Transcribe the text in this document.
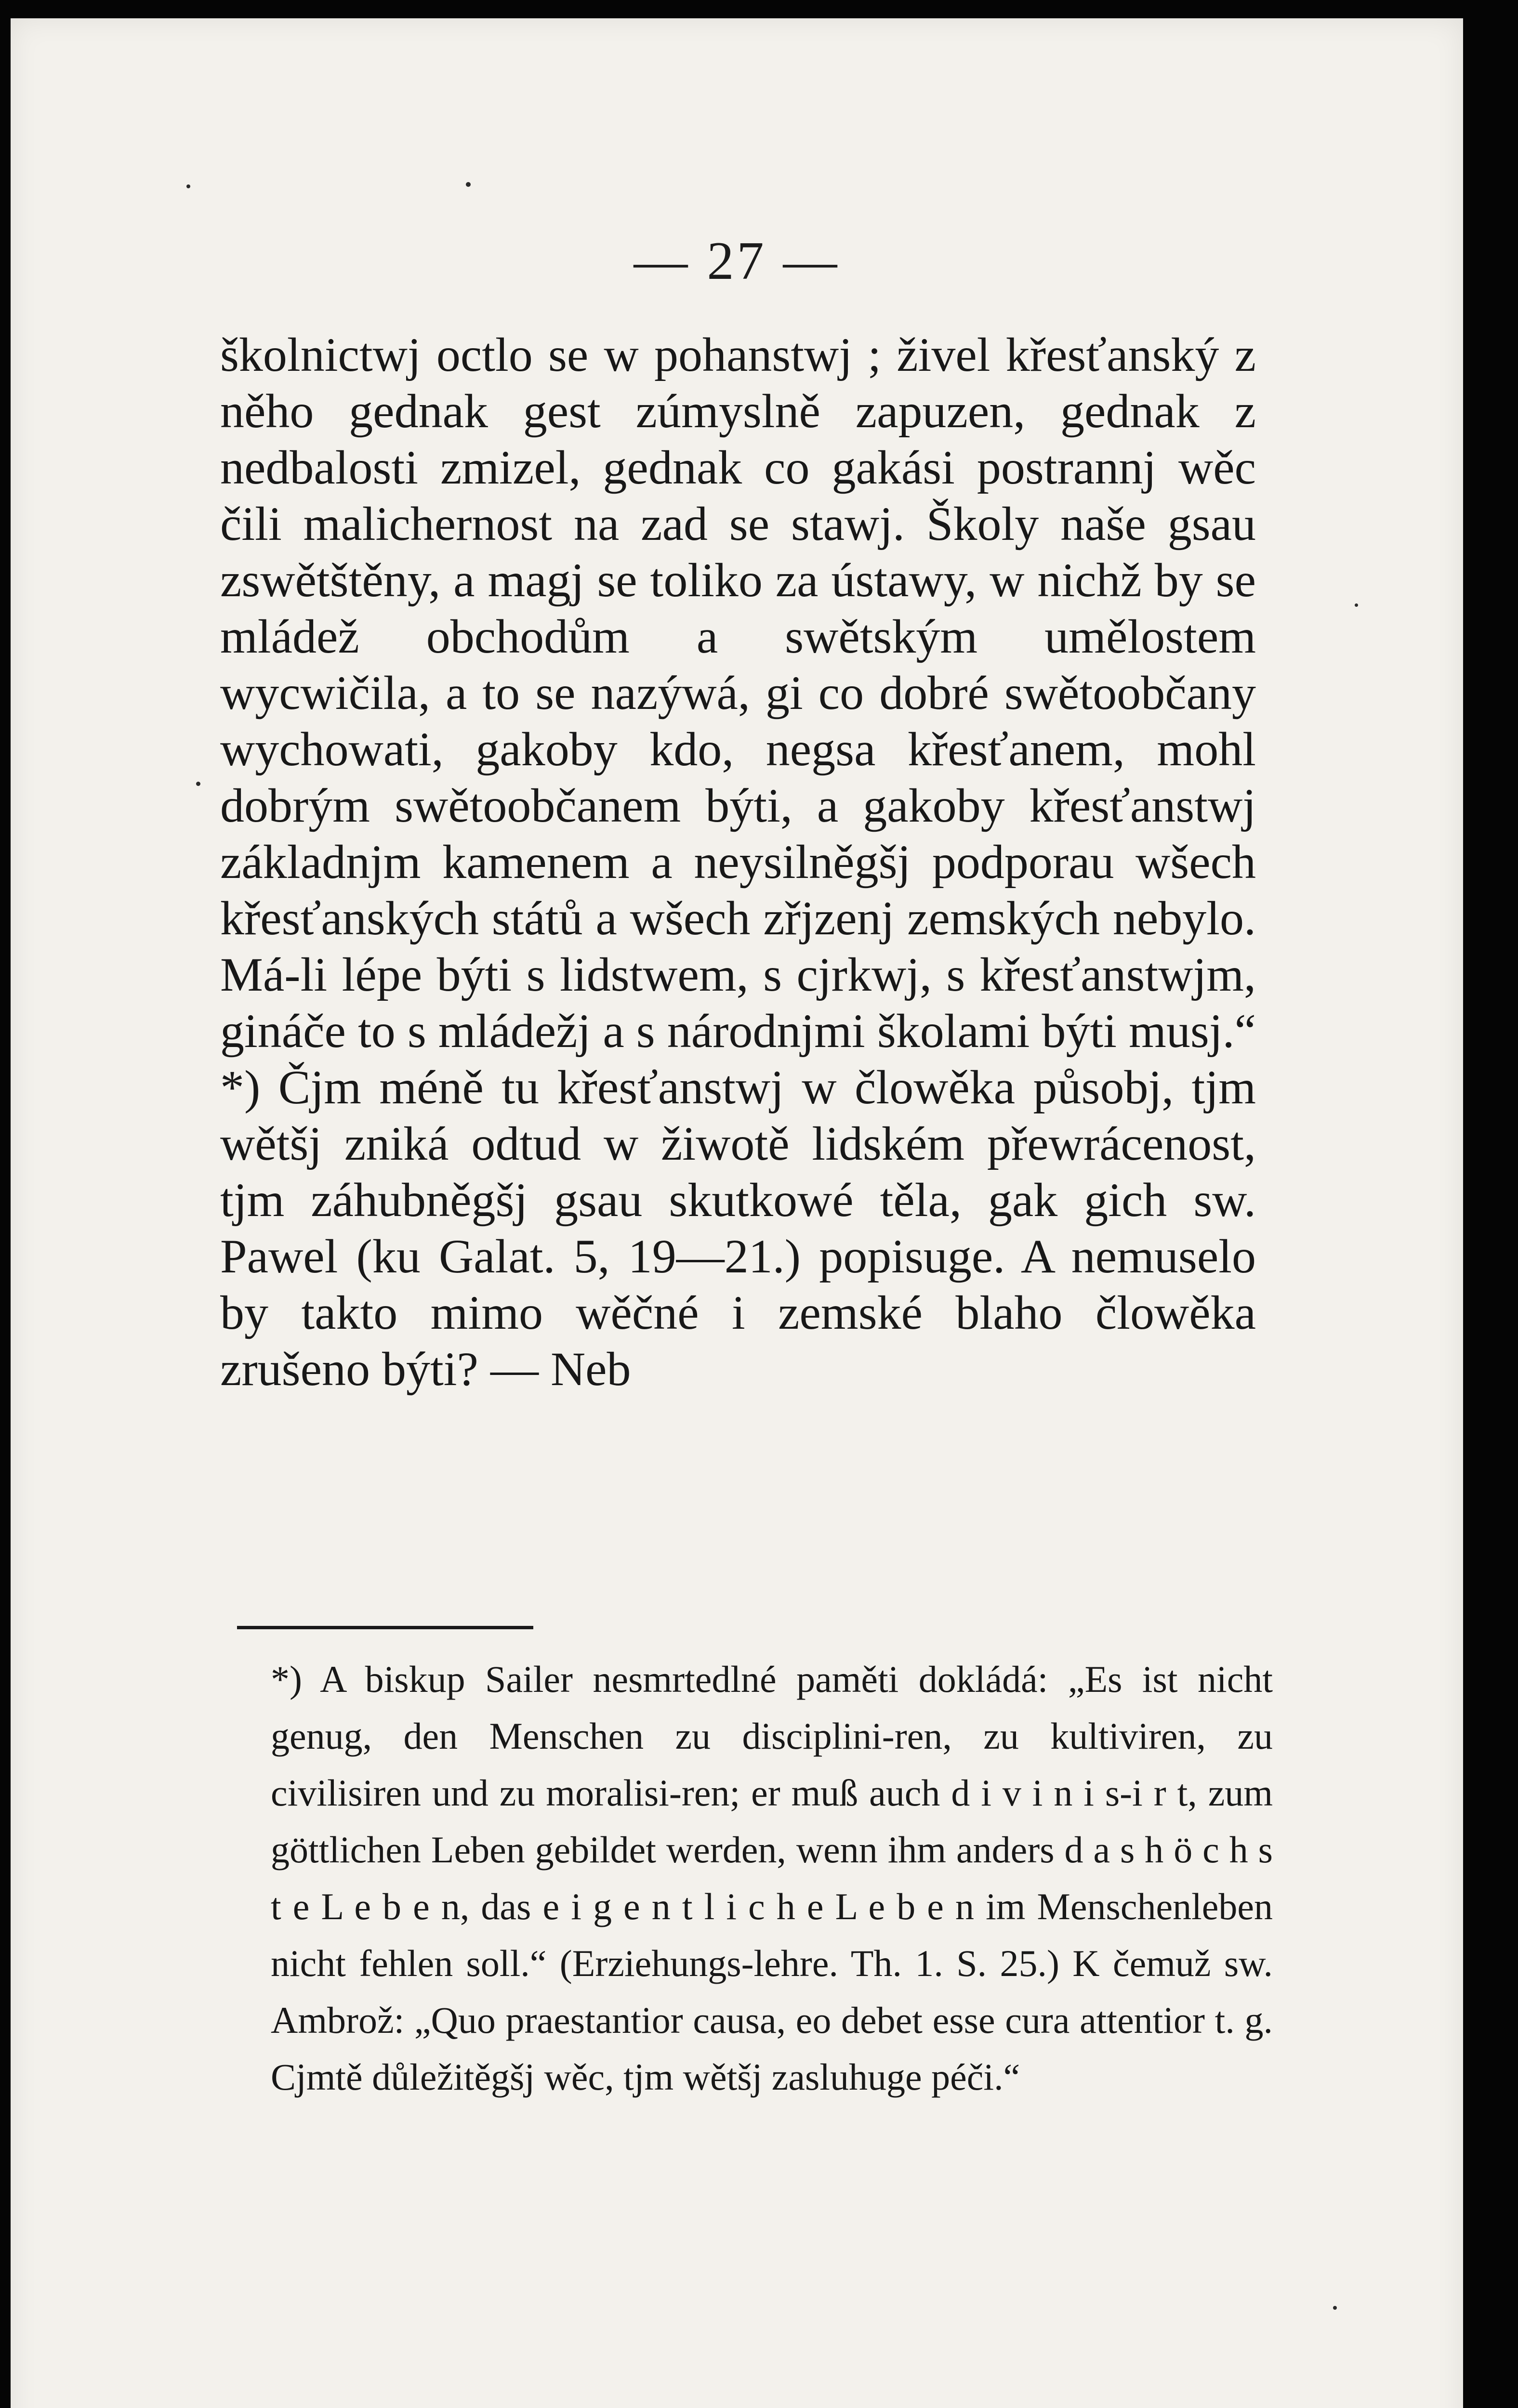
— 27 —

školnictwj octlo se w pohanstwj ; živel křesťanský z něho gednak gest zúmyslně zapuzen, gednak z nedbalosti zmizel, gednak co gakási postrannj wěc čili malichernost na zad se stawj. Školy naše gsau zswětštěny, a magj se toliko za ústawy, w nichž by se mládež obchodům a swětským umělostem wycwičila, a to se nazýwá, gi co dobré swětoobčany wychowati, gakoby kdo, negsa křesťanem, mohl dobrým swětoobčanem býti, a gakoby křesťanstwj základnjm kamenem a neysilněgšj podporau wšech křesťanských států a wšech zřjzenj zemských nebylo. Má-li lépe býti s lidstwem, s cjrkwj, s křesťanstwjm, gináče to s mládežj a s národnjmi školami býti musj.“ *) Čjm méně tu křesťanstwj w člowěka působj, tjm wětšj zniká odtud w žiwotě lidském přewrácenost, tjm záhubněgšj gsau skutkowé těla, gak gich sw. Pawel (ku Galat. 5, 19—21.) popisuge. A nemuselo by takto mimo wěčné i zemské blaho člowěka zrušeno býti? — Neb

*) A biskup Sailer nesmrtedlné paměti dokládá: „Es ist nicht genug, den Menschen zu disciplini-ren, zu kultiviren, zu civilisiren und zu moralisi-ren; er muß auch d i v i n i s-i r t, zum göttlichen Leben gebildet werden, wenn ihm anders d a s h ö c h s t e L e b e n, das e i g e n t l i c h e L e b e n im Menschenleben nicht fehlen soll.“ (Erziehungs-lehre. Th. 1. S. 25.) K čemuž sw. Ambrož: „Quo praestantior causa, eo debet esse cura attentior t. g. Cjmtě důležitěgšj wěc, tjm wětšj zasluhuge péči.“
